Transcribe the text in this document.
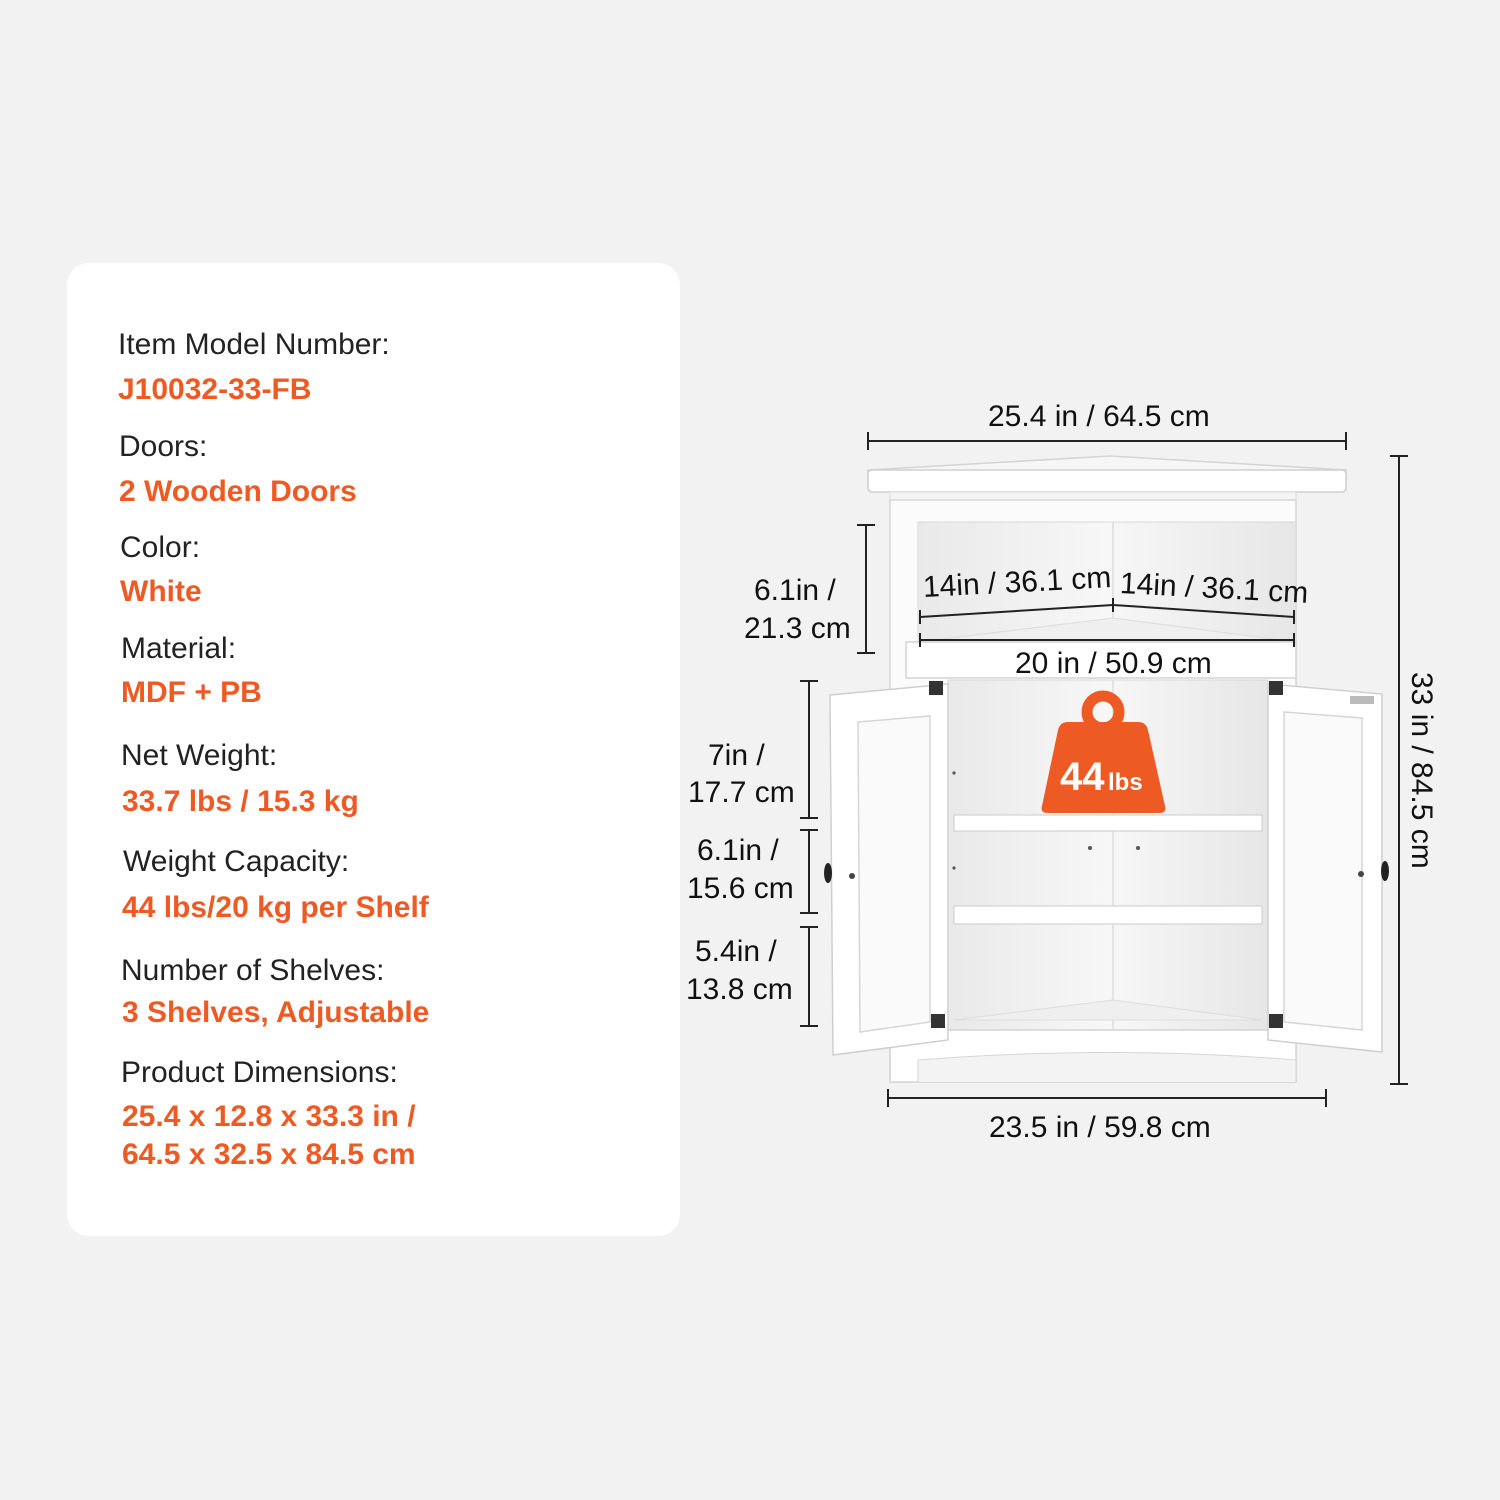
Item Model Number:

J10032-33-FB

Doors:

2 Wooden Doors

Color:

White

Material:

MDF + PB

Net Weight:

33.7 lbs / 15.3 kg

Weight Capacity:

44 lbs/20 kg per Shelf

Number of Shelves:

3 Shelves, Adjustable

Product Dimensions:

25.4 x 12.8 x 33.3 in /

64.5 x 32.5 x 84.5 cm

44 lbs
25.4 in / 64.5 cm
33 in / 84.5 cm
6.1in /
21.3 cm
14in / 36.1 cm 14in / 36.1 cm
20 in / 50.9 cm
7in /
17.7 cm
6.1in /
15.6 cm
5.4in /
13.8 cm
23.5 in / 59.8 cm
